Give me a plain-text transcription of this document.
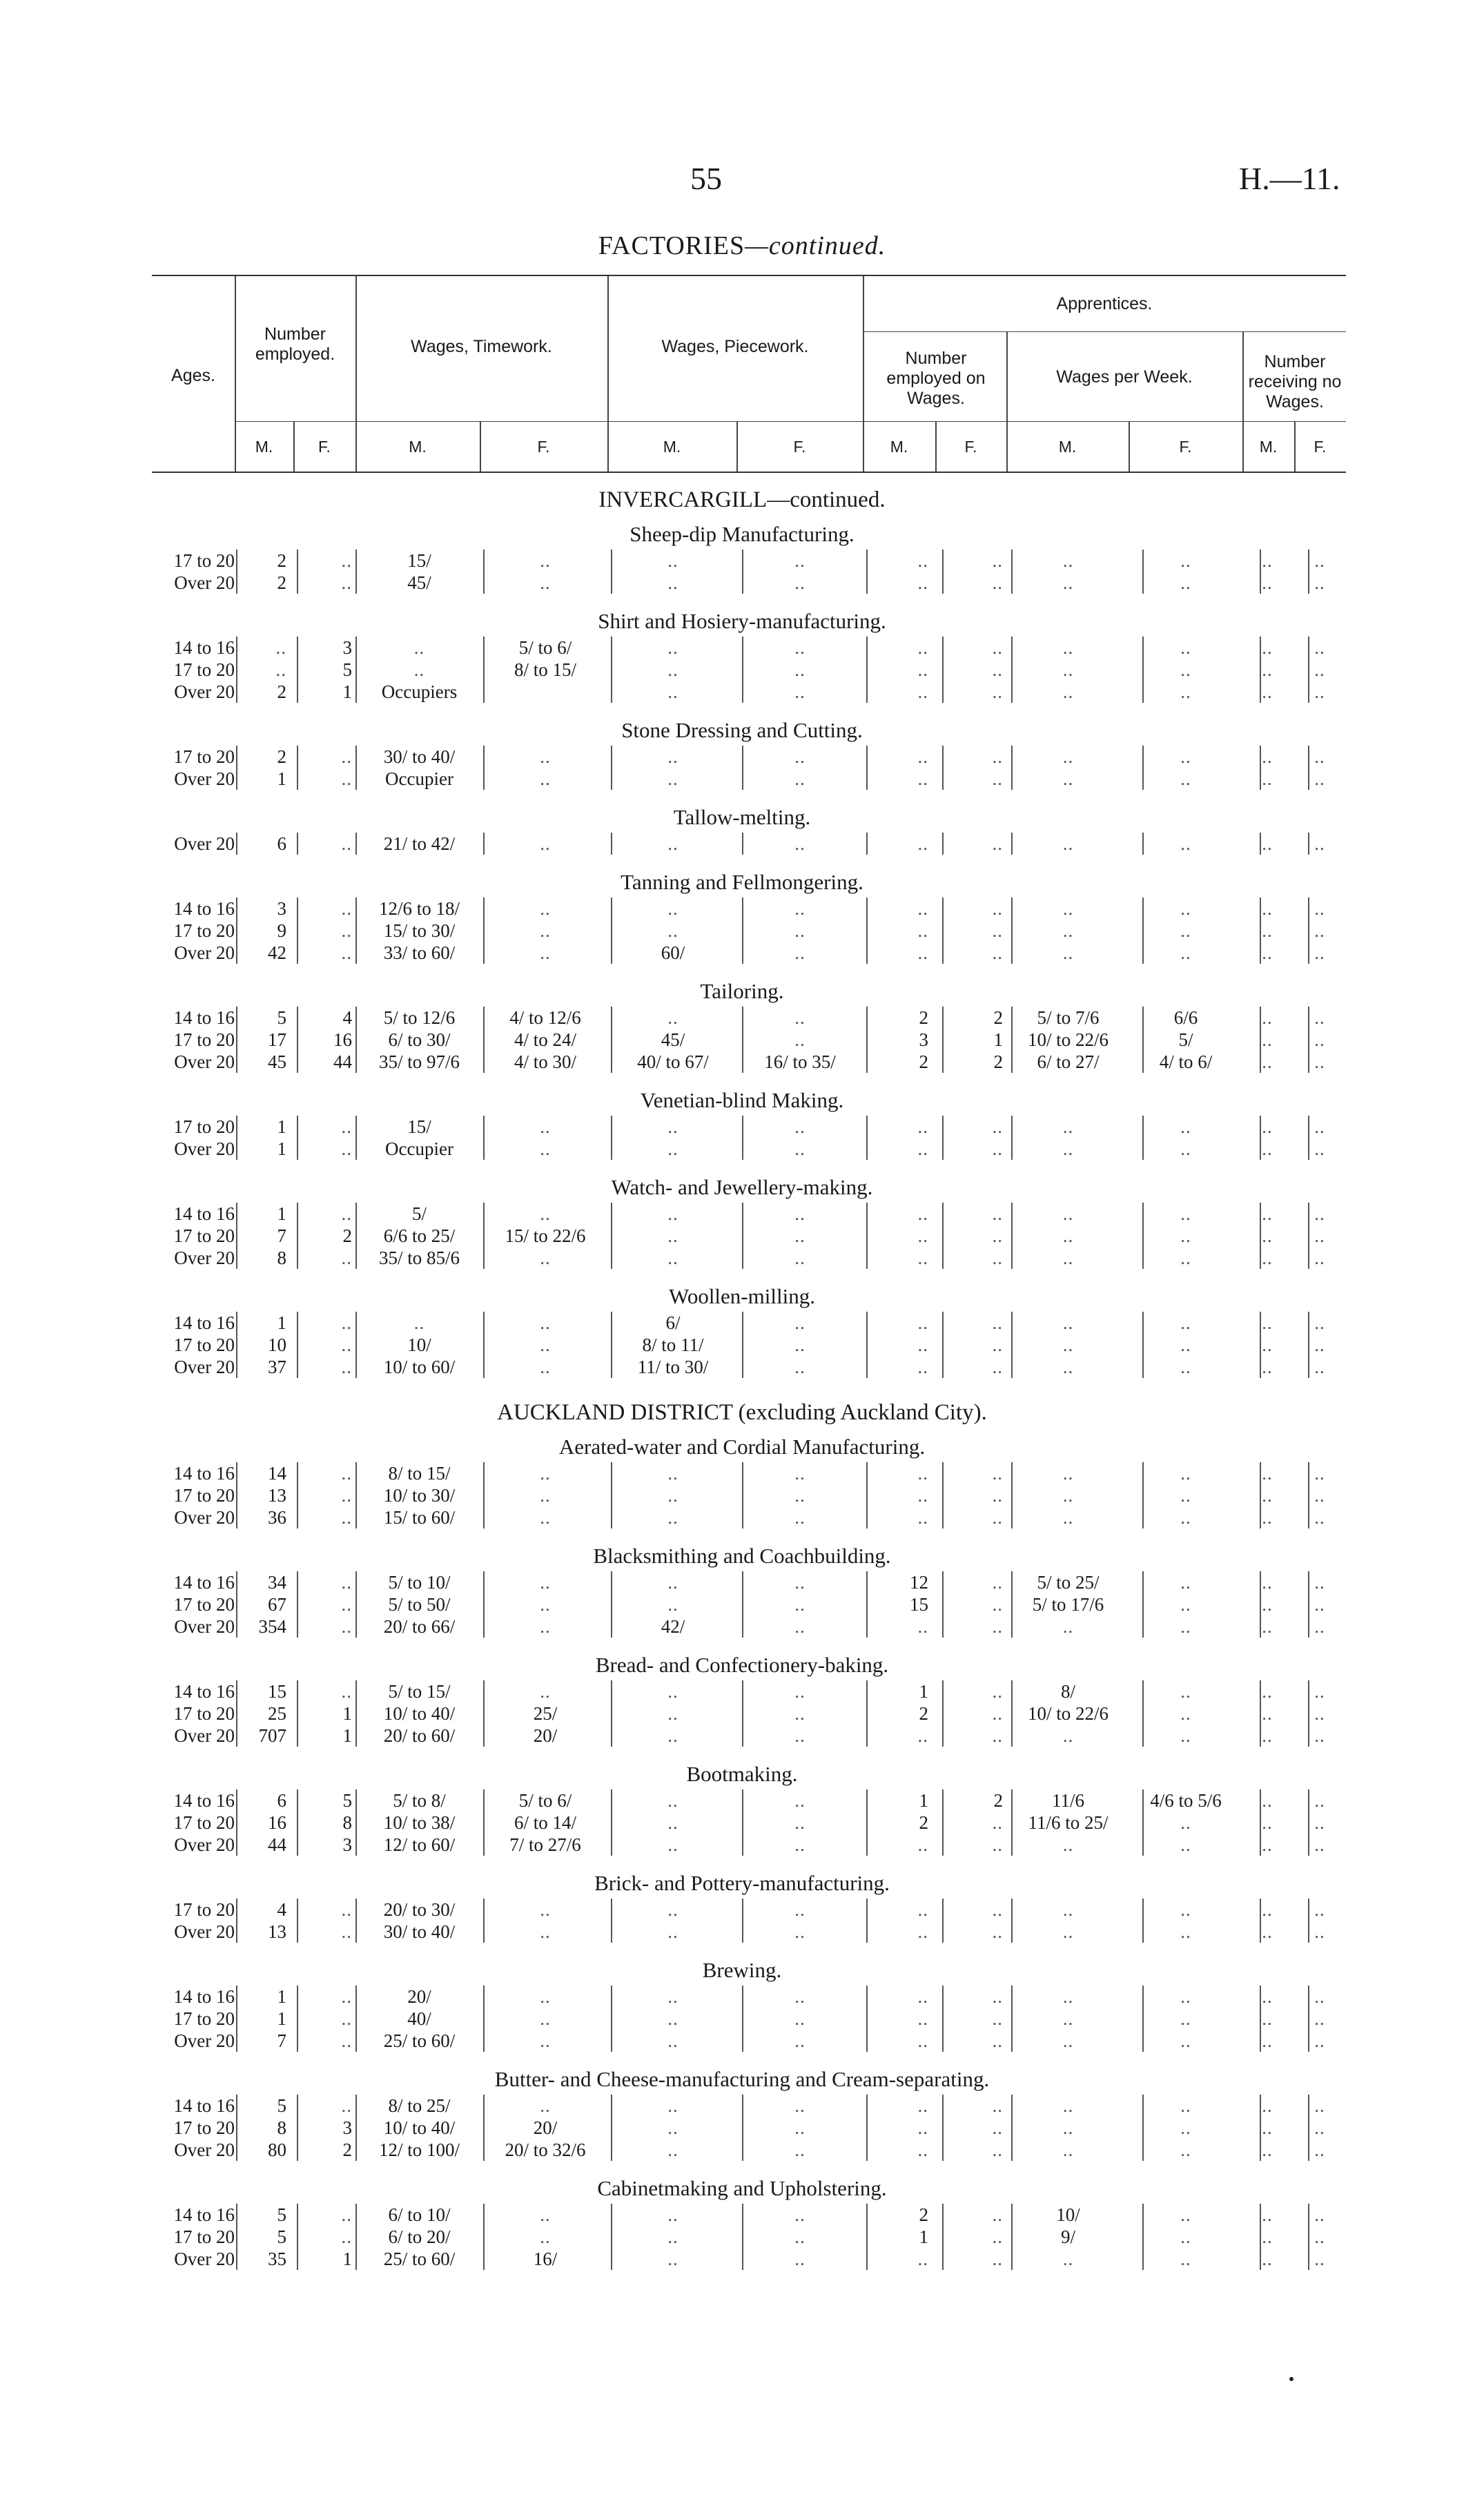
55	H.—11.
FACTORIES—continued.
Ages.
Number employed.	Wages, Timework.	Wages, Piecework.
Apprentices.
Number employed on Wages.
Wages per Week.
Number receiving no Wages.
M.	F.	M.	F.	M.	F.	M.	F.	M.	F.	M.	F.
INVERCARGILL—continued.
Sheep-dip Manufacturing.
17 to 20	2	..	15/	..	..	..	..	..	..	..	..	..
Over 20	2	..	45/	..	..	..	..	..	..	..	..	..
Shirt and Hosiery-manufacturing.
14 to 16	..	3	..	5/ to 6/	..	..	..	..	..	..	..	..
17 to 20	..	5	..	8/ to 15/	..	..	..	..	..	..	..	..
Over 20	2	1	Occupiers	..	..	..	..	..	..	..	..
Stone Dressing and Cutting.
17 to 20	2	..	30/ to 40/	..	..	..	..	..	..	..	..	..
Over 20	1	..	Occupier	..	..	..	..	..	..	..	..	..
Tallow-melting.
Over 20	6	..	21/ to 42/	..	..	..	..	..	..	..	..	..
Tanning and Fellmongering.
14 to 16	3	..	12/6 to 18/	..	..	..	..	..	..	..	..	..
17 to 20	9	..	15/ to 30/	..	..	..	..	..	..	..	..	..
Over 20	42	..	33/ to 60/	..	60/	..	..	..	..	..	..	..
Tailoring.
14 to 16	5	4	5/ to 12/6	4/ to 12/6	..	..	2	2	5/ to 7/6	6/6	..	..
17 to 20	17	16	6/ to 30/	4/ to 24/	45/	..	3	1	10/ to 22/6	5/	..	..
Over 20	45	44	35/ to 97/6	4/ to 30/	40/ to 67/	16/ to 35/	2	2	6/ to 27/	4/ to 6/	..	..
Venetian-blind Making.
17 to 20	1	..	15/	..	..	..	..	..	..	..	..	..
Over 20	1	..	Occupier	..	..	..	..	..	..	..	..	..
Watch- and Jewellery-making.
14 to 16	1	..	5/	..	..	..	..	..	..	..	..	..
17 to 20	7	2	6/6 to 25/	15/ to 22/6	..	..	..	..	..	..	..	..
Over 20	8	..	35/ to 85/6	..	..	..	..	..	..	..	..	..
Woollen-milling.
14 to 16	1	..	..	..	6/	..	..	..	..	..	..	..
17 to 20	10	..	10/	..	8/ to 11/	..	..	..	..	..	..	..
Over 20	37	..	10/ to 60/	..	11/ to 30/	..	..	..	..	..	..	..
AUCKLAND DISTRICT (excluding Auckland City).
Aerated-water and Cordial Manufacturing.
14 to 16	14	..	8/ to 15/	..	..	..	..	..	..	..	..	..
17 to 20	13	..	10/ to 30/	..	..	..	..	..	..	..	..	..
Over 20	36	..	15/ to 60/	..	..	..	..	..	..	..	..	..
Blacksmithing and Coachbuilding.
14 to 16	34	..	5/ to 10/	..	..	..	12	..	5/ to 25/	..	..	..
17 to 20	67	..	5/ to 50/	..	..	..	15	..	5/ to 17/6	..	..	..
Over 20	354	..	20/ to 66/	..	42/	..	..	..	..	..	..	..
Bread- and Confectionery-baking.
14 to 16	15	..	5/ to 15/	..	..	..	1	..	8/	..	..	..
17 to 20	25	1	10/ to 40/	25/	..	..	2	..	10/ to 22/6	..	..	..
Over 20	707	1	20/ to 60/	20/	..	..	..	..	..	..	..	..
Bootmaking.
14 to 16	6	5	5/ to 8/	5/ to 6/	..	..	1	2	11/6	4/6 to 5/6	..	..
17 to 20	16	8	10/ to 38/	6/ to 14/	..	..	2	..	11/6 to 25/	..	..	..
Over 20	44	3	12/ to 60/	7/ to 27/6	..	..	..	..	..	..	..	..
Brick- and Pottery-manufacturing.
17 to 20	4	..	20/ to 30/	..	..	..	..	..	..	..	..	..
Over 20	13	..	30/ to 40/	..	..	..	..	..	..	..	..	..
Brewing.
14 to 16	1	..	20/	..	..	..	..	..	..	..	..	..
17 to 20	1	..	40/	..	..	..	..	..	..	..	..	..
Over 20	7	..	25/ to 60/	..	..	..	..	..	..	..	..	..
Butter- and Cheese-manufacturing and Cream-separating.
14 to 16	5	..	8/ to 25/	..	..	..	..	..	..	..	..	..
17 to 20	8	3	10/ to 40/	20/	..	..	..	..	..	..	..	..
Over 20	80	2	12/ to 100/	20/ to 32/6	..	..	..	..	..	..	..	..
Cabinetmaking and Upholstering.
14 to 16	5	..	6/ to 10/	..	..	..	2	..	10/	..	..	..
17 to 20	5	..	6/ to 20/	..	..	..	1	..	9/	..	..	..
Over 20	35	1	25/ to 60/	16/	..	..	..	..	..	..	..	..
